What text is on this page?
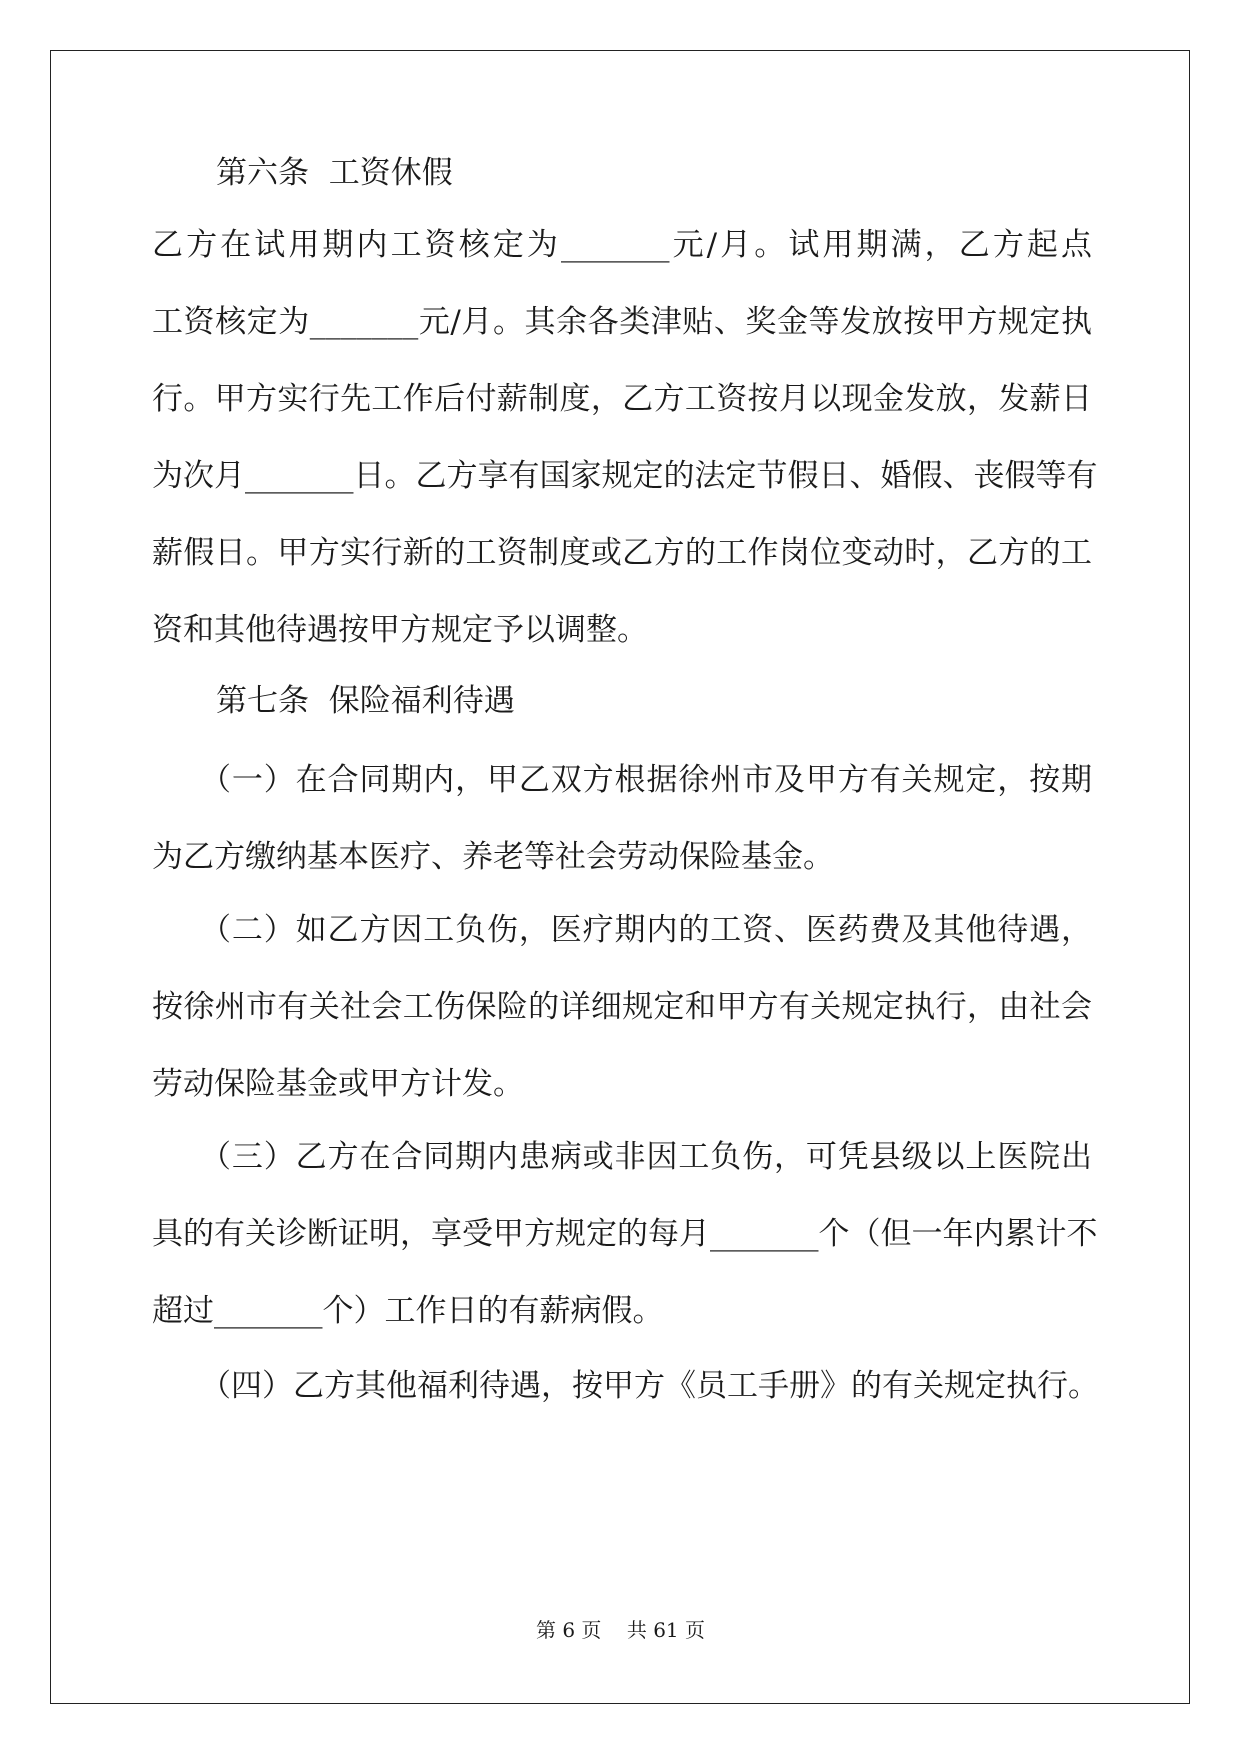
第六条  工资休假
乙方在试用期内工资核定为_______元/月。试用期满，乙方起点
工资核定为_______元/月。其余各类津贴、奖金等发放按甲方规定执
行。甲方实行先工作后付薪制度，乙方工资按月以现金发放，发薪日
为次月_______日。乙方享有国家规定的法定节假日、婚假、丧假等有
薪假日。甲方实行新的工资制度或乙方的工作岗位变动时，乙方的工
资和其他待遇按甲方规定予以调整。
第七条  保险福利待遇
（一）在合同期内，甲乙双方根据徐州市及甲方有关规定，按期
为乙方缴纳基本医疗、养老等社会劳动保险基金。
（二）如乙方因工负伤，医疗期内的工资、医药费及其他待遇，
按徐州市有关社会工伤保险的详细规定和甲方有关规定执行，由社会
劳动保险基金或甲方计发。
（三）乙方在合同期内患病或非因工负伤，可凭县级以上医院出
具的有关诊断证明，享受甲方规定的每月_______个（但一年内累计不
超过_______个）工作日的有薪病假。
（四）乙方其他福利待遇，按甲方《员工手册》的有关规定执行。
第 6 页    共 61 页
